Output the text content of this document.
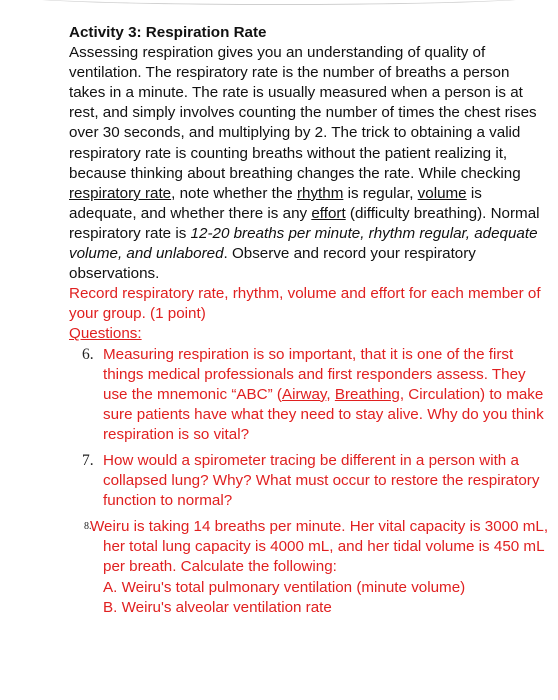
Activity 3: Respiration Rate

Assessing respiration gives you an understanding of quality of ventilation. The respiratory rate is the number of breaths a person takes in a minute. The rate is usually measured when a person is at rest, and simply involves counting the number of times the chest rises over 30 seconds, and multiplying by 2. The trick to obtaining a valid respiratory rate is counting breaths without the patient realizing it, because thinking about breathing changes the rate. While checking respiratory rate, note whether the rhythm is regular, volume is adequate, and whether there is any effort (difficulty breathing). Normal respiratory rate is 12-20 breaths per minute, rhythm regular, adequate volume, and unlabored. Observe and record your respiratory observations.

Record respiratory rate, rhythm, volume and effort for each member of your group. (1 point)

Questions:

6. Measuring respiration is so important, that it is one of the first things medical professionals and first responders assess. They use the mnemonic “ABC” (Airway, Breathing, Circulation) to make sure patients have what they need to stay alive. Why do you think respiration is so vital?
7. How would a spirometer tracing be different in a person with a collapsed lung? Why? What must occur to restore the respiratory function to normal?
8.
Weiru is taking 14 breaths per minute. Her vital capacity is 3000 mL, her total lung capacity is 4000 mL, and her tidal volume is 450 mL per breath. Calculate the following:
A. Weiru's total pulmonary ventilation (minute volume)
B. Weiru's alveolar ventilation rate
